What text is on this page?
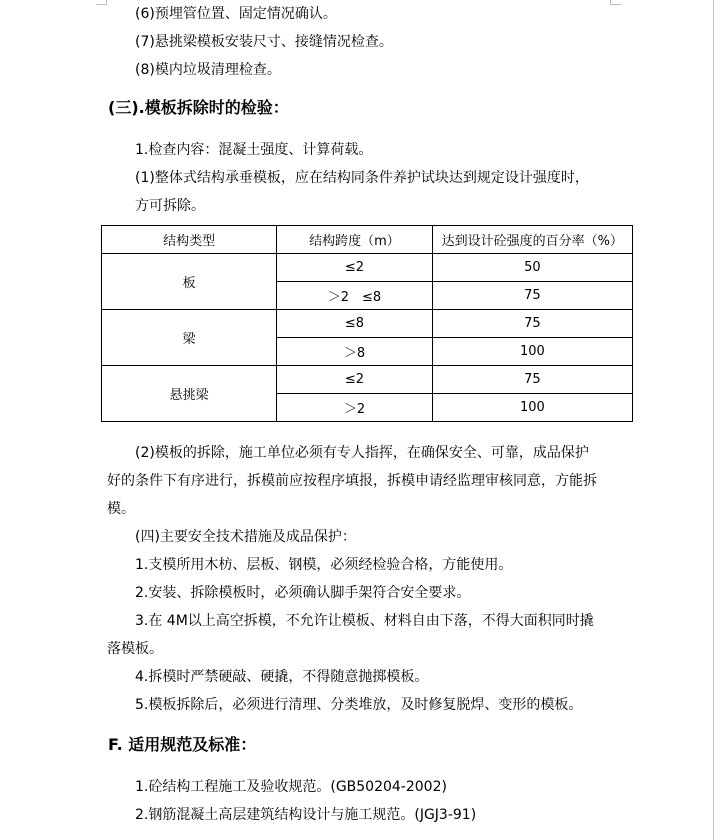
(6)预埋管位置、固定情况确认。
(7)悬挑梁模板安装尺寸、接缝情况检查。
(8)模内垃圾清理检查。
(三).模板拆除时的检验：
1.检查内容：混凝土强度、计算荷载。
(1)整体式结构承垂模板，应在结构同条件养护试块达到规定设计强度时，
方可拆除。
结构类型	结构跨度（m）	达到设计砼强度的百分率（%）
板	≤2	50
	＞2　≤8	75
梁	≤8	75
	＞8	100
悬挑梁	≤2	75
	＞2	100
(2)模板的拆除，施工单位必须有专人指挥，在确保安全、可靠，成品保护
好的条件下有序进行，拆模前应按程序填报，拆模申请经监理审核同意，方能拆
模。
(四)主要安全技术措施及成品保护：
1.支模所用木枋、层板、钢模，必须经检验合格，方能使用。
2.安装、拆除模板时，必须确认脚手架符合安全要求。
3.在 4M以上高空拆模，不允许让模板、材料自由下落，不得大面积同时撬
落模板。
4.拆模时严禁硬敲、硬撬，不得随意抛掷模板。
5.模板拆除后，必须进行清理、分类堆放，及时修复脱焊、变形的模板。
F. 适用规范及标准：
1.砼结构工程施工及验收规范。(GB50204-2002)
2.钢筋混凝土高层建筑结构设计与施工规范。(JGJ3-91)
